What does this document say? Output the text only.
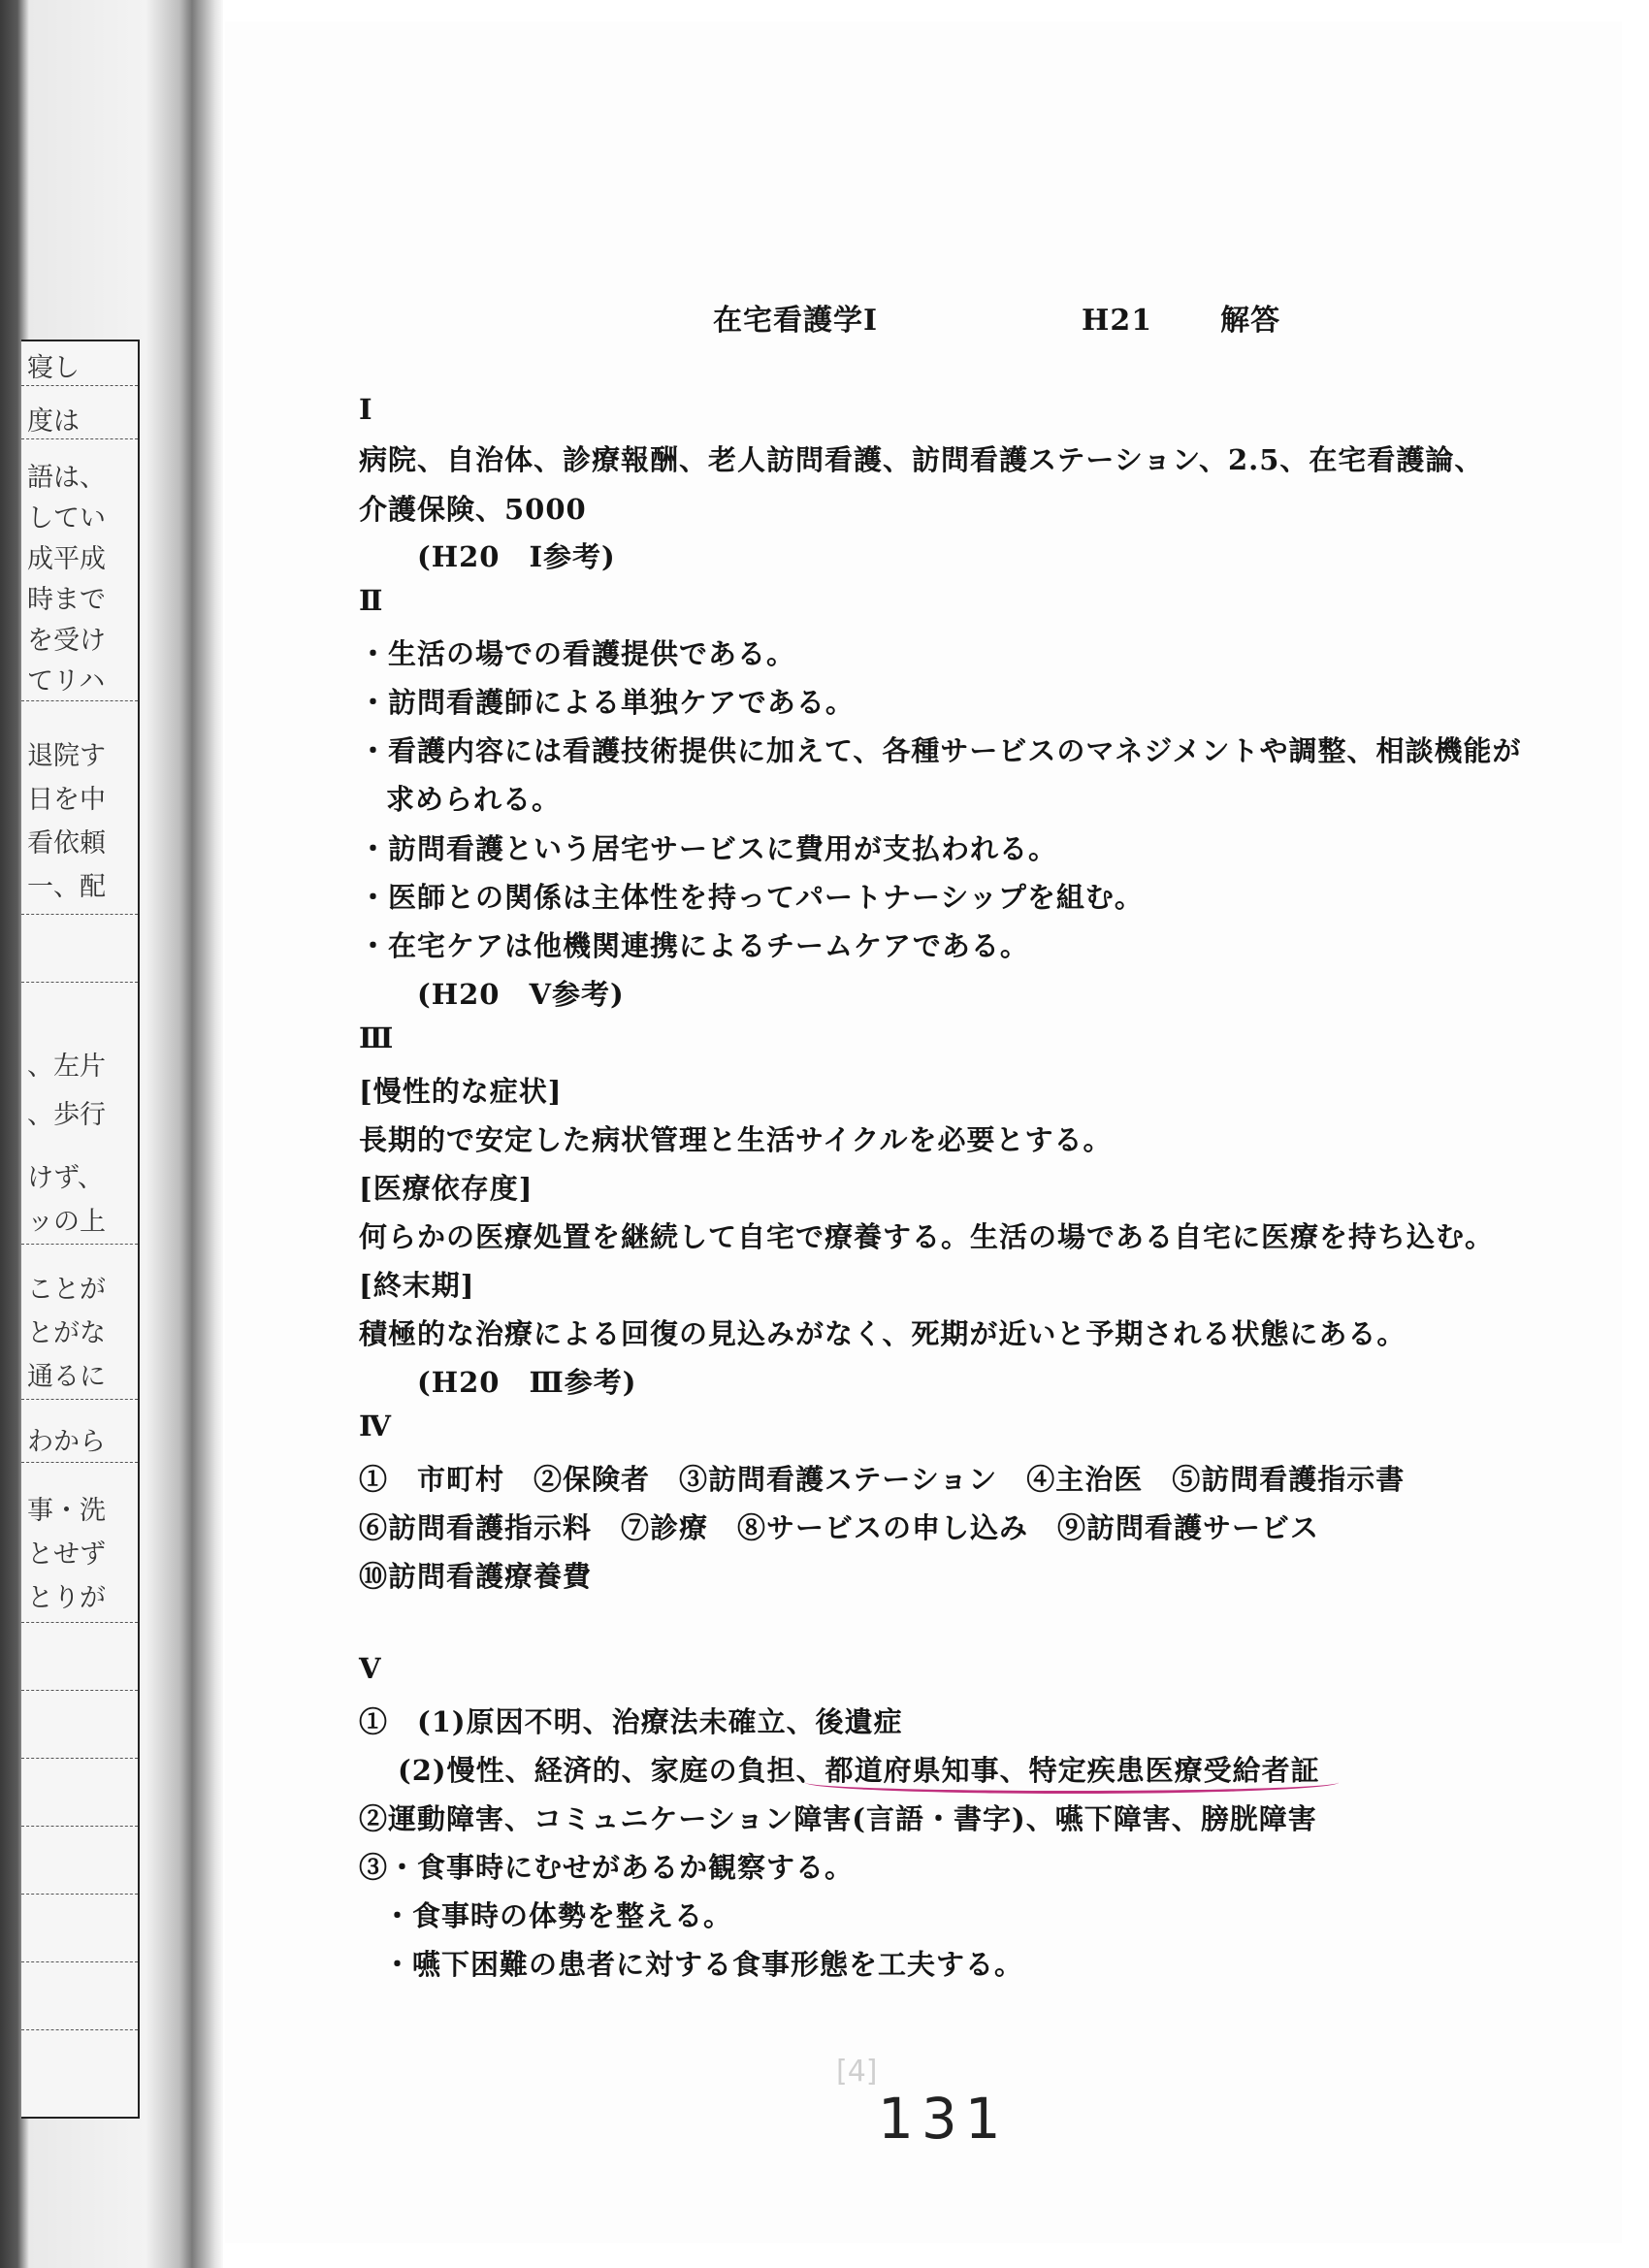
寝し
度は
語は、
してい
成平成
時まで
を受け
てリハ
退院す
日を中
看依頼
一、配
、左片
、歩行
けず、
ッの上
ことが
とがな
通るに
わから
事・洗
とせず
とりが
在宅看護学Ⅰ	H21 解答
Ⅰ
病院、自治体、診療報酬、老人訪問看護、訪問看護ステーション、2.5、在宅看護論、
介護保険、5000
(H20　Ⅰ参考)
Ⅱ
・生活の場での看護提供である。
・訪問看護師による単独ケアである。
・看護内容には看護技術提供に加えて、各種サービスのマネジメントや調整、相談機能が
求められる。
・訪問看護という居宅サービスに費用が支払われる。
・医師との関係は主体性を持ってパートナーシップを組む。
・在宅ケアは他機関連携によるチームケアである。
(H20　Ⅴ参考)
Ⅲ
[慢性的な症状]
長期的で安定した病状管理と生活サイクルを必要とする。
[医療依存度]
何らかの医療処置を継続して自宅で療養する。生活の場である自宅に医療を持ち込む。
[終末期]
積極的な治療による回復の見込みがなく、死期が近いと予期される状態にある。
(H20　Ⅲ参考)
Ⅳ
①　市町村　②保険者　③訪問看護ステーション　④主治医　⑤訪問看護指示書
⑥訪問看護指示料　⑦診療　⑧サービスの申し込み　⑨訪問看護サービス
⑩訪問看護療養費
Ⅴ
①　(1)原因不明、治療法未確立、後遺症
(2)慢性、経済的、家庭の負担、都道府県知事、特定疾患医療受給者証
②運動障害、コミュニケーション障害(言語・書字)、嚥下障害、膀胱障害
③・食事時にむせがあるか観察する。
・食事時の体勢を整える。
・嚥下困難の患者に対する食事形態を工夫する。
[4]
131
